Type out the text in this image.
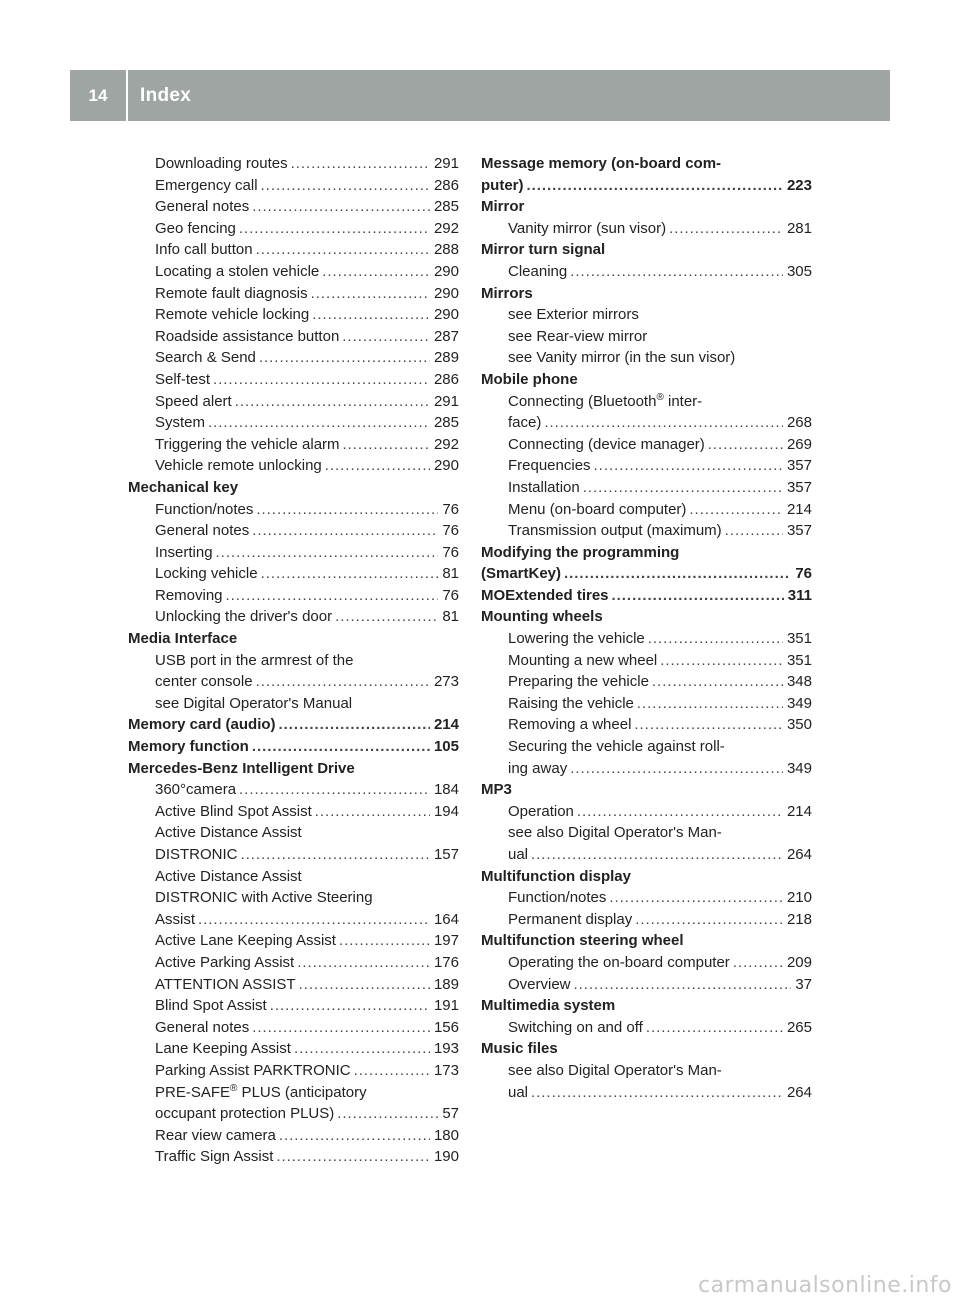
14	Index
Downloading routes . . .	291
Emergency call . . .	286
General notes . . .	285
Geo fencing . . .	292
Info call button . . .	288
Locating a stolen vehicle . . .	290
Remote fault diagnosis . . .	290
Remote vehicle locking . . .	290
Roadside assistance button . . .	287
Search & Send . . .	289
Self-test . . .	286
Speed alert . . .	291
System . . .	285
Triggering the vehicle alarm . . .	292
Vehicle remote unlocking . . .	290
Mechanical key
Function/notes . . .	76
General notes . . .	76
Inserting . . .	76
Locking vehicle . . .	81
Removing . . .	76
Unlocking the driver's door . . .	81
Media Interface
USB port in the armrest of the
center console . . .	273
see Digital Operator's Manual
Memory card (audio) . . .	214
Memory function . . .	105
Mercedes-Benz Intelligent Drive
360°camera . . .	184
Active Blind Spot Assist . . .	194
Active Distance Assist
DISTRONIC . . .	157
Active Distance Assist
DISTRONIC with Active Steering
Assist . . .	164
Active Lane Keeping Assist . . .	197
Active Parking Assist . . .	176
ATTENTION ASSIST . . .	189
Blind Spot Assist . . .	191
General notes . . .	156
Lane Keeping Assist . . .	193
Parking Assist PARKTRONIC . . .	173
PRE-SAFE® PLUS (anticipatory
occupant protection PLUS) . . .	57
Rear view camera . . .	180
Traffic Sign Assist . . .	190
Message memory (on-board com-
puter) . . .	223
Mirror
Vanity mirror (sun visor) . . .	281
Mirror turn signal
Cleaning . . .	305
Mirrors
see Exterior mirrors
see Rear-view mirror
see Vanity mirror (in the sun visor)
Mobile phone
Connecting (Bluetooth® inter-
face) . . .	268
Connecting (device manager) . . .	269
Frequencies . . .	357
Installation . . .	357
Menu (on-board computer) . . .	214
Transmission output (maximum) . . .	357
Modifying the programming
(SmartKey) . . .	76
MOExtended tires . . .	311
Mounting wheels
Lowering the vehicle . . .	351
Mounting a new wheel . . .	351
Preparing the vehicle . . .	348
Raising the vehicle . . .	349
Removing a wheel . . .	350
Securing the vehicle against roll-
ing away . . .	349
MP3
Operation . . .	214
see also Digital Operator's Man-
ual . . .	264
Multifunction display
Function/notes . . .	210
Permanent display . . .	218
Multifunction steering wheel
Operating the on-board computer . . .	209
Overview . . .	37
Multimedia system
Switching on and off . . .	265
Music files
see also Digital Operator's Man-
ual . . .	264
carmanualsonline.info
